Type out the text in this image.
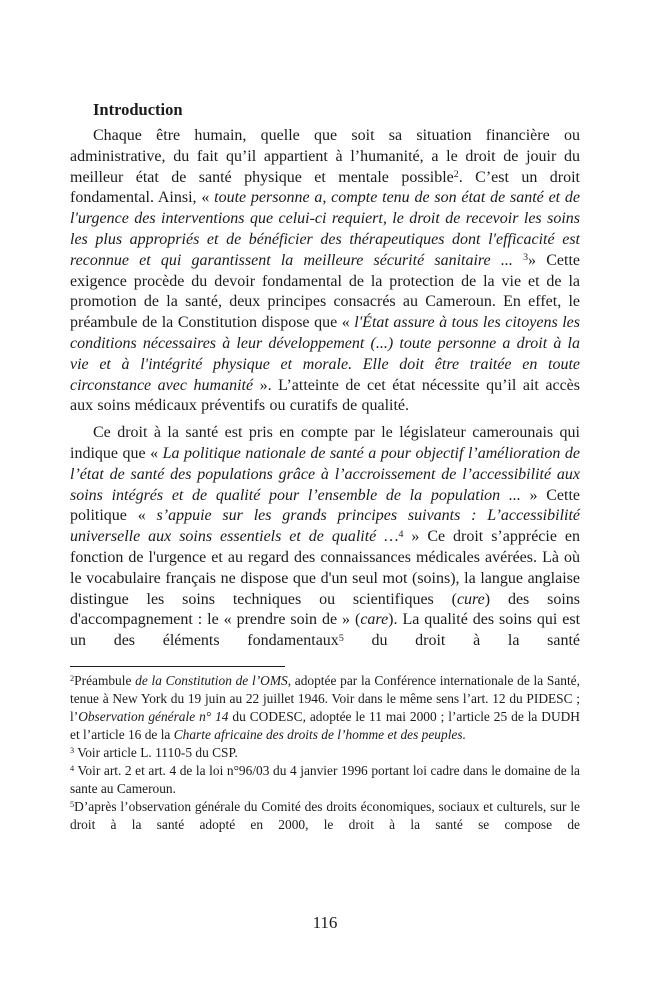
Introduction

Chaque être humain, quelle que soit sa situation financière ou administrative, du fait qu’il appartient à l’humanité, a le droit de jouir du meilleur état de santé physique et mentale possible$^2$. C’est un droit fondamental. Ainsi, « toute personne a, compte tenu de son état de santé et de l'urgence des interventions que celui-ci requiert, le droit de recevoir les soins les plus appropriés et de bénéficier des thérapeutiques dont l'efficacité est reconnue et qui garantissent la meilleure sécurité sanitaire ... $^3$» Cette exigence procède du devoir fondamental de la protection de la vie et de la promotion de la santé, deux principes consacrés au Cameroun. En effet, le préambule de la Constitution dispose que « l'État assure à tous les citoyens les conditions nécessaires à leur développement (...) toute personne a droit à la vie et à l'intégrité physique et morale. Elle doit être traitée en toute circonstance avec humanité ». L’atteinte de cet état nécessite qu’il ait accès aux soins médicaux préventifs ou curatifs de qualité.

Ce droit à la santé est pris en compte par le législateur camerounais qui indique que « La politique nationale de santé a pour objectif l’amélioration de l’état de santé des populations grâce à l’accroissement de l’accessibilité aux soins intégrés et de qualité pour l’ensemble de la population ... » Cette politique « s’appuie sur les grands principes suivants : L’accessibilité universelle aux soins essentiels et de qualité …$^4$ » Ce droit s’apprécie en fonction de l'urgence et au regard des connaissances médicales avérées. Là où le vocabulaire français ne dispose que d'un seul mot (soins), la langue anglaise distingue les soins techniques ou scientifiques (cure) des soins d'accompagnement : le « prendre soin de » (care). La qualité des soins qui est un des éléments fondamentaux$^5$ du droit à la santé

$^2$Préambule de la Constitution de l’OMS, adoptée par la Conférence internationale de la Santé, tenue à New York du 19 juin au 22 juillet 1946. Voir dans le même sens l’art. 12 du PIDESC ; l’Observation générale n° 14 du CODESC, adoptée le 11 mai 2000 ; l’article 25 de la DUDH et l’article 16 de la Charte africaine des droits de l’homme et des peuples.

$^3$ Voir article L. 1110-5 du CSP.

$^4$ Voir art. 2 et art. 4 de la loi n°96/03 du 4 janvier 1996 portant loi cadre dans le domaine de la sante au Cameroun.

$^5$D’après l’observation générale du Comité des droits économiques, sociaux et culturels, sur le droit à la santé adopté en 2000, le droit à la santé se compose de

116
